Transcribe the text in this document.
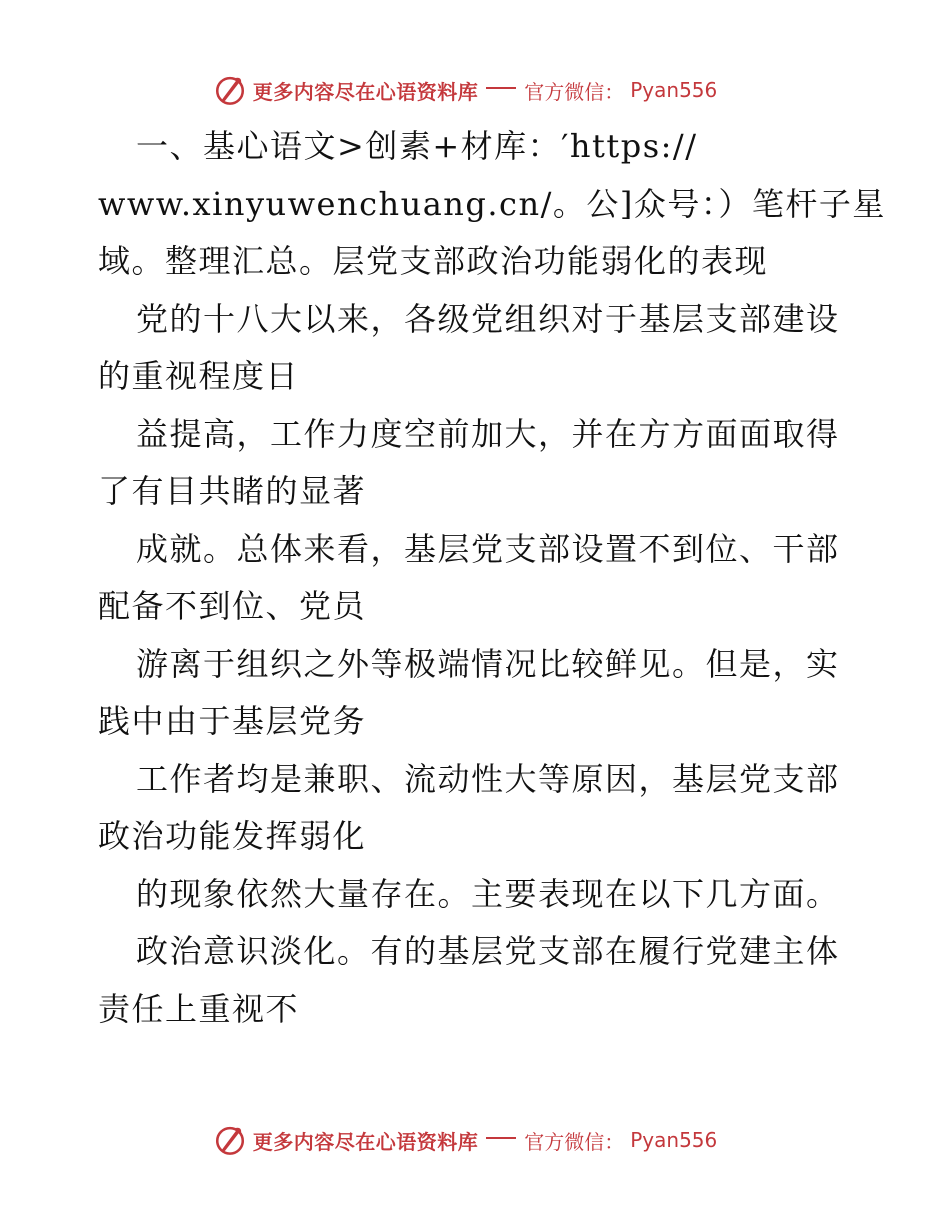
更多内容尽在心语资料库 官方微信： Pyan556
一、基心语文>创素+材库：′https://
www.xinyuwenchuang.cn/。公]众号：）笔杆子星
域。整理汇总。层党支部政治功能弱化的表现
党的十八大以来，各级党组织对于基层支部建设
的重视程度日
益提高，工作力度空前加大，并在方方面面取得
了有目共睹的显著
成就。总体来看，基层党支部设置不到位、干部
配备不到位、党员
游离于组织之外等极端情况比较鲜见。但是，实
践中由于基层党务
工作者均是兼职、流动性大等原因，基层党支部
政治功能发挥弱化
的现象依然大量存在。主要表现在以下几方面。
政治意识淡化。有的基层党支部在履行党建主体
责任上重视不
更多内容尽在心语资料库 官方微信： Pyan556
